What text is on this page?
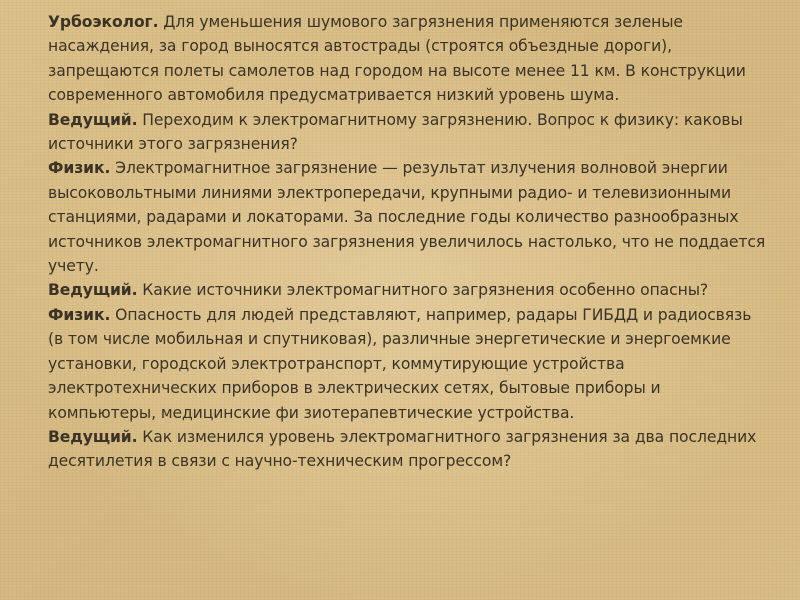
Урбоэколог. Для уменьшения шумового загрязнения применяются зеленые насаждения, за город выносятся автострады (строятся объездные дороги), запрещаются полеты самолетов над городом на высоте менее 11 км. В конструкции современного автомобиля предусматривается низкий уровень шума.

Ведущий. Переходим к электромагнитному загрязнению. Вопрос к физику: каковы источники этого загрязнения?

Физик. Электромагнитное загрязнение — результат излучения волновой энергии высоковольтными линиями электропередачи, крупными радио- и телевизионными станциями, радарами и локаторами. За последние годы количество разнообразных источников электромагнитного загрязнения увеличилось настолько, что не поддается учету.

Ведущий. Какие источники электромагнитного загрязнения особенно опасны?

Физик. Опасность для людей представляют, например, радары ГИБДД и радиосвязь (в том числе мобильная и спутниковая), различные энергетические и энергоемкие установки, городской электротранспорт, коммутирующие устройства электротехнических приборов в электрических сетях, бытовые приборы и компьютеры, медицинские фи зиотерапевтические устройства.

Ведущий. Как изменился уровень электромагнитного загрязнения за два последних десятилетия в связи с научно-техническим прогрессом?
